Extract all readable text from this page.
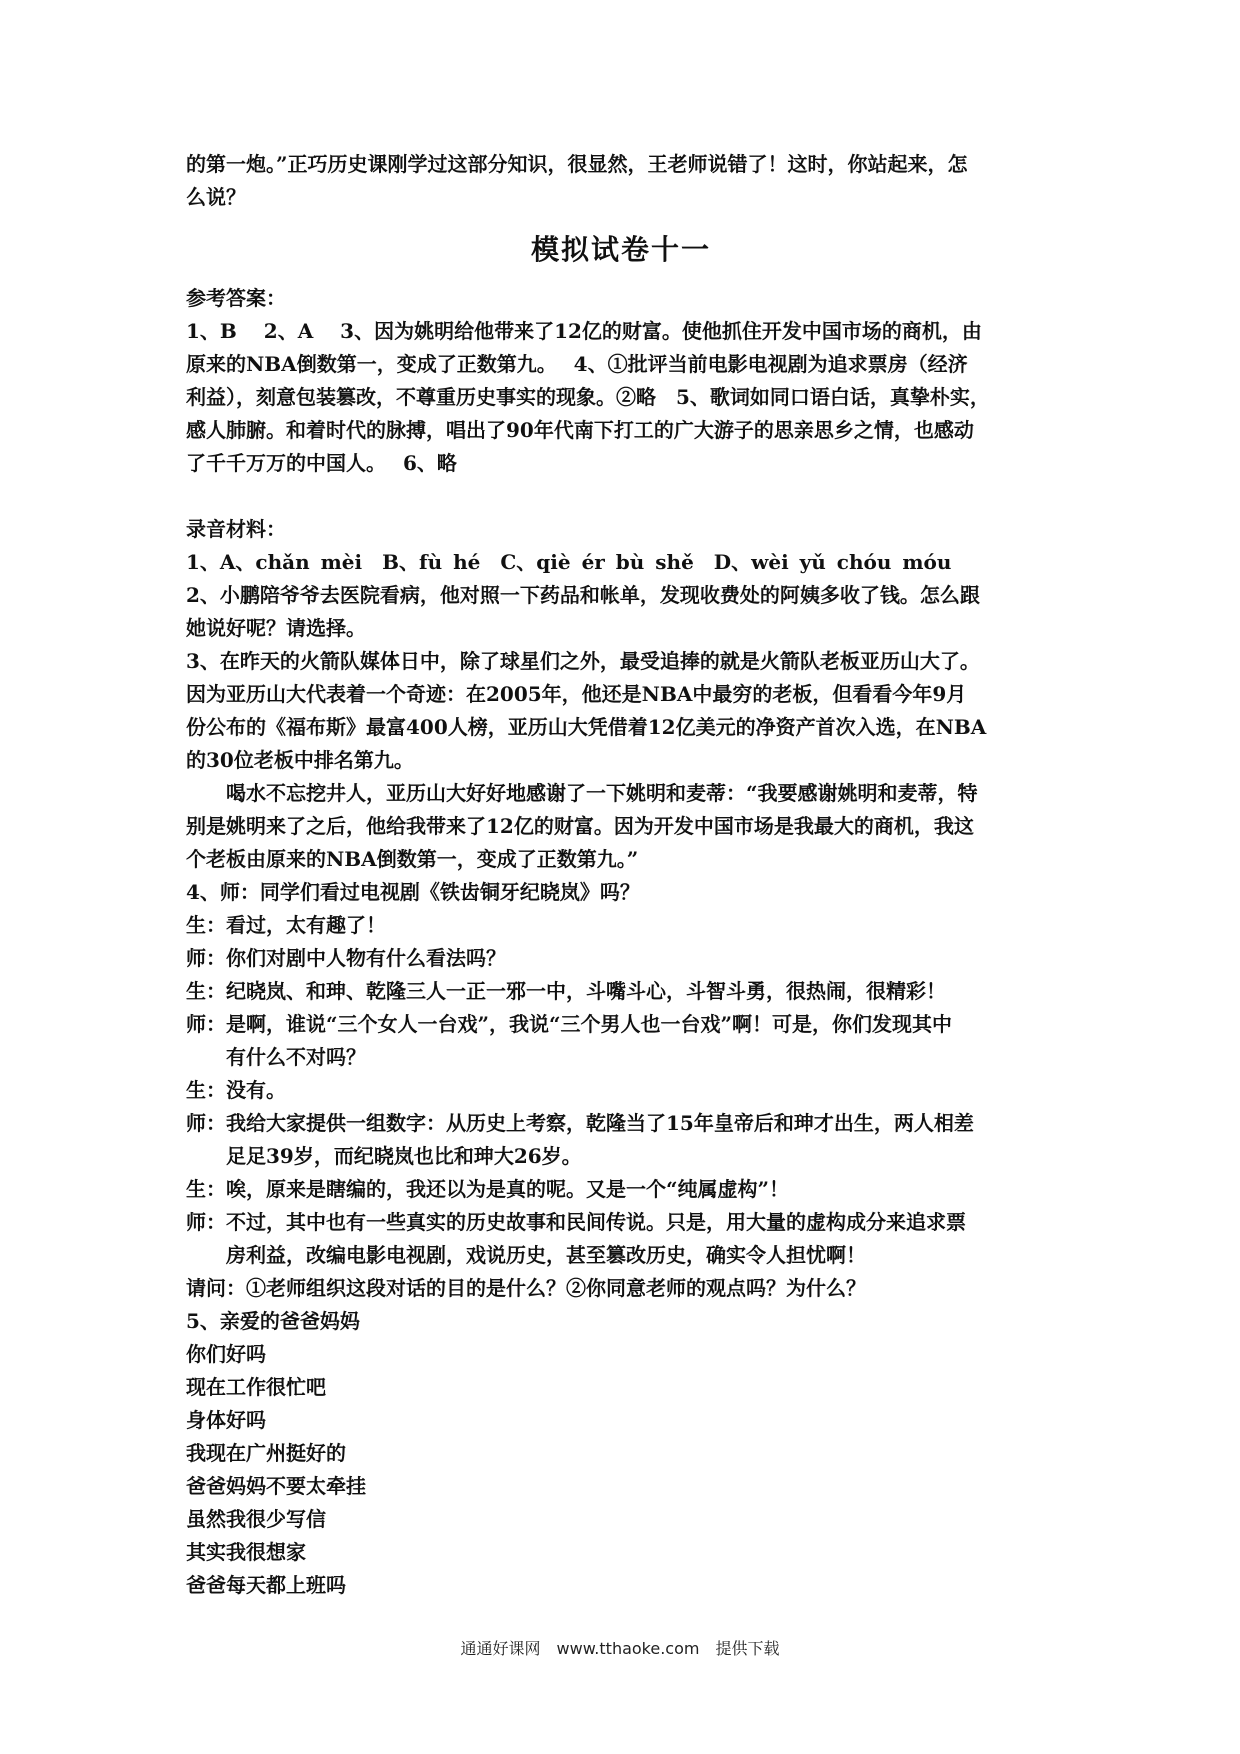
的第一炮。”正巧历史课刚学过这部分知识，很显然，王老师说错了！这时，你站起来，怎
么说？
模拟试卷十一
参考答案：
1、B　 2、A　 3、因为姚明给他带来了12亿的财富。使他抓住开发中国市场的商机，由
原来的NBA倒数第一，变成了正数第九。　 4、①批评当前电影电视剧为追求票房（经济
利益），刻意包装篡改，不尊重历史事实的现象。②略　5、歌词如同口语白话，真挚朴实，
感人肺腑。和着时代的脉搏，唱出了90年代南下打工的广大游子的思亲思乡之情，也感动
了千千万万的中国人。　 6、略
录音材料：
1、A、chǎn mèi　B、fù hé　C、qiè ér bù shě　D、wèi yǔ chóu móu
2、小鹏陪爷爷去医院看病，他对照一下药品和帐单，发现收费处的阿姨多收了钱。怎么跟
她说好呢？请选择。
3、在昨天的火箭队媒体日中，除了球星们之外，最受追捧的就是火箭队老板亚历山大了。
因为亚历山大代表着一个奇迹：在2005年，他还是NBA中最穷的老板，但看看今年9月
份公布的《福布斯》最富400人榜，亚历山大凭借着12亿美元的净资产首次入选，在NBA
的30位老板中排名第九。
喝水不忘挖井人，亚历山大好好地感谢了一下姚明和麦蒂：“我要感谢姚明和麦蒂，特
别是姚明来了之后，他给我带来了12亿的财富。因为开发中国市场是我最大的商机，我这
个老板由原来的NBA倒数第一，变成了正数第九。”
4、师：同学们看过电视剧《铁齿铜牙纪晓岚》吗？
生：看过，太有趣了！
师：你们对剧中人物有什么看法吗？
生：纪晓岚、和珅、乾隆三人一正一邪一中，斗嘴斗心，斗智斗勇，很热闹，很精彩！
师：是啊，谁说“三个女人一台戏”，我说“三个男人也一台戏”啊！可是，你们发现其中
有什么不对吗？
生：没有。
师：我给大家提供一组数字：从历史上考察，乾隆当了15年皇帝后和珅才出生，两人相差
足足39岁，而纪晓岚也比和珅大26岁。
生：唉，原来是瞎编的，我还以为是真的呢。又是一个“纯属虚构”！
师：不过，其中也有一些真实的历史故事和民间传说。只是，用大量的虚构成分来追求票
房利益，改编电影电视剧，戏说历史，甚至篡改历史，确实令人担忧啊！
请问：①老师组织这段对话的目的是什么？②你同意老师的观点吗？为什么？
5、亲爱的爸爸妈妈
你们好吗
现在工作很忙吧
身体好吗
我现在广州挺好的
爸爸妈妈不要太牵挂
虽然我很少写信
其实我很想家
爸爸每天都上班吗
通通好课网　www.tthaoke.com　提供下载
